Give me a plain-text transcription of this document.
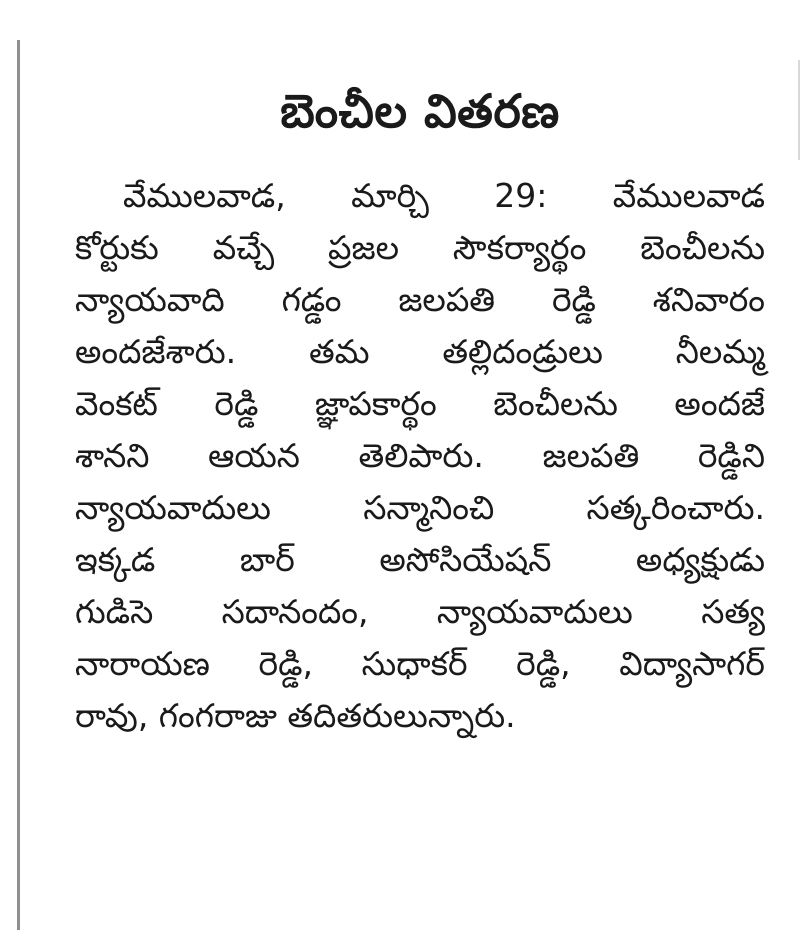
బెంచీల వితరణ
వేములవాడ, మార్చి 29: వేములవాడ
కోర్టుకు వచ్చే ప్రజల సౌకర్యార్థం బెంచీలను
న్యాయవాది గడ్డం జలపతి రెడ్డి శనివారం
అందజేశారు. తమ తల్లిదండ్రులు నీలమ్మ
వెంకట్ రెడ్డి జ్ఞాపకార్థం బెంచీలను అందజే
శానని ఆయన తెలిపారు. జలపతి రెడ్డిని
న్యాయవాదులు సన్మానించి సత్కరించారు.
ఇక్కడ బార్ అసోసియేషన్ అధ్యక్షుడు
గుడిసె సదానందం, న్యాయవాదులు సత్య
నారాయణ రెడ్డి, సుధాకర్ రెడ్డి, విద్యాసాగర్
రావు, గంగరాజు తదితరులున్నారు.
